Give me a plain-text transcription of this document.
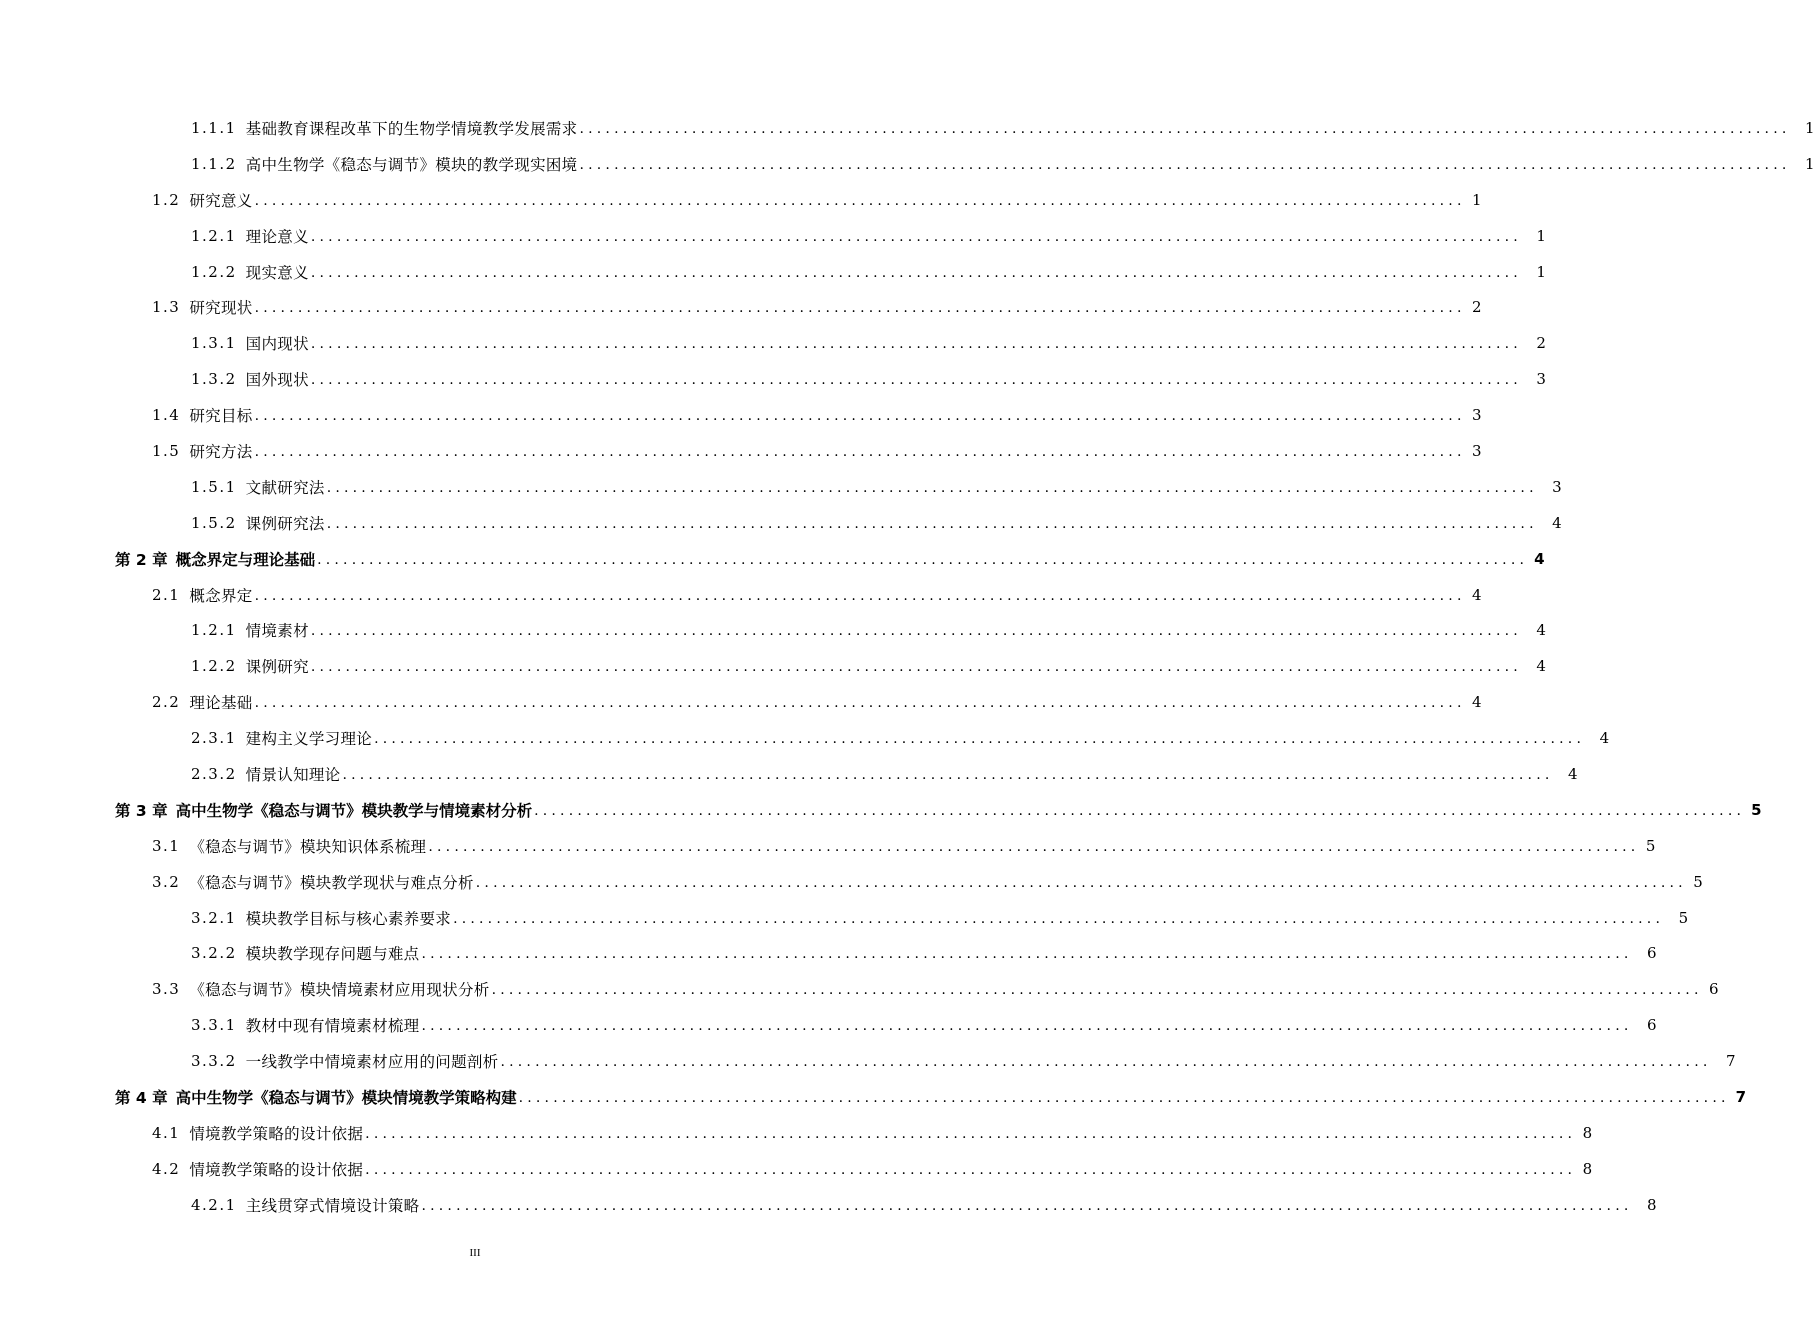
1.1.1 基础教育课程改革下的生物学情境教学发展需求 ............................................................................................................................................ 1
1.1.2 高中生物学《稳态与调节》模块的教学现实困境 ............................................................................................................................................ 1
1.2 研究意义 ............................................................................................................................................ 1
1.2.1 理论意义 ............................................................................................................................................ 1
1.2.2 现实意义 ............................................................................................................................................ 1
1.3 研究现状 ............................................................................................................................................ 2
1.3.1 国内现状 ............................................................................................................................................ 2
1.3.2 国外现状 ............................................................................................................................................ 3
1.4 研究目标 ............................................................................................................................................ 3
1.5 研究方法 ............................................................................................................................................ 3
1.5.1 文献研究法 ............................................................................................................................................ 3
1.5.2 课例研究法 ............................................................................................................................................ 4
第 2 章 概念界定与理论基础 ............................................................................................................................................ 4
2.1 概念界定 ............................................................................................................................................ 4
1.2.1 情境素材 ............................................................................................................................................ 4
1.2.2 课例研究 ............................................................................................................................................ 4
2.2 理论基础 ............................................................................................................................................ 4
2.3.1 建构主义学习理论 ............................................................................................................................................ 4
2.3.2 情景认知理论 ............................................................................................................................................ 4
第 3 章 高中生物学《稳态与调节》模块教学与情境素材分析 ............................................................................................................................................ 5
3.1 《稳态与调节》模块知识体系梳理 ............................................................................................................................................ 5
3.2 《稳态与调节》模块教学现状与难点分析 ............................................................................................................................................ 5
3.2.1 模块教学目标与核心素养要求 ............................................................................................................................................ 5
3.2.2 模块教学现存问题与难点 ............................................................................................................................................ 6
3.3 《稳态与调节》模块情境素材应用现状分析 ............................................................................................................................................ 6
3.3.1 教材中现有情境素材梳理 ............................................................................................................................................ 6
3.3.2 一线教学中情境素材应用的问题剖析 ............................................................................................................................................ 7
第 4 章 高中生物学《稳态与调节》模块情境教学策略构建 ............................................................................................................................................ 7
4.1 情境教学策略的设计依据 ............................................................................................................................................ 8
4.2 情境教学策略的设计依据 ............................................................................................................................................ 8
4.2.1 主线贯穿式情境设计策略 ............................................................................................................................................ 8
III
